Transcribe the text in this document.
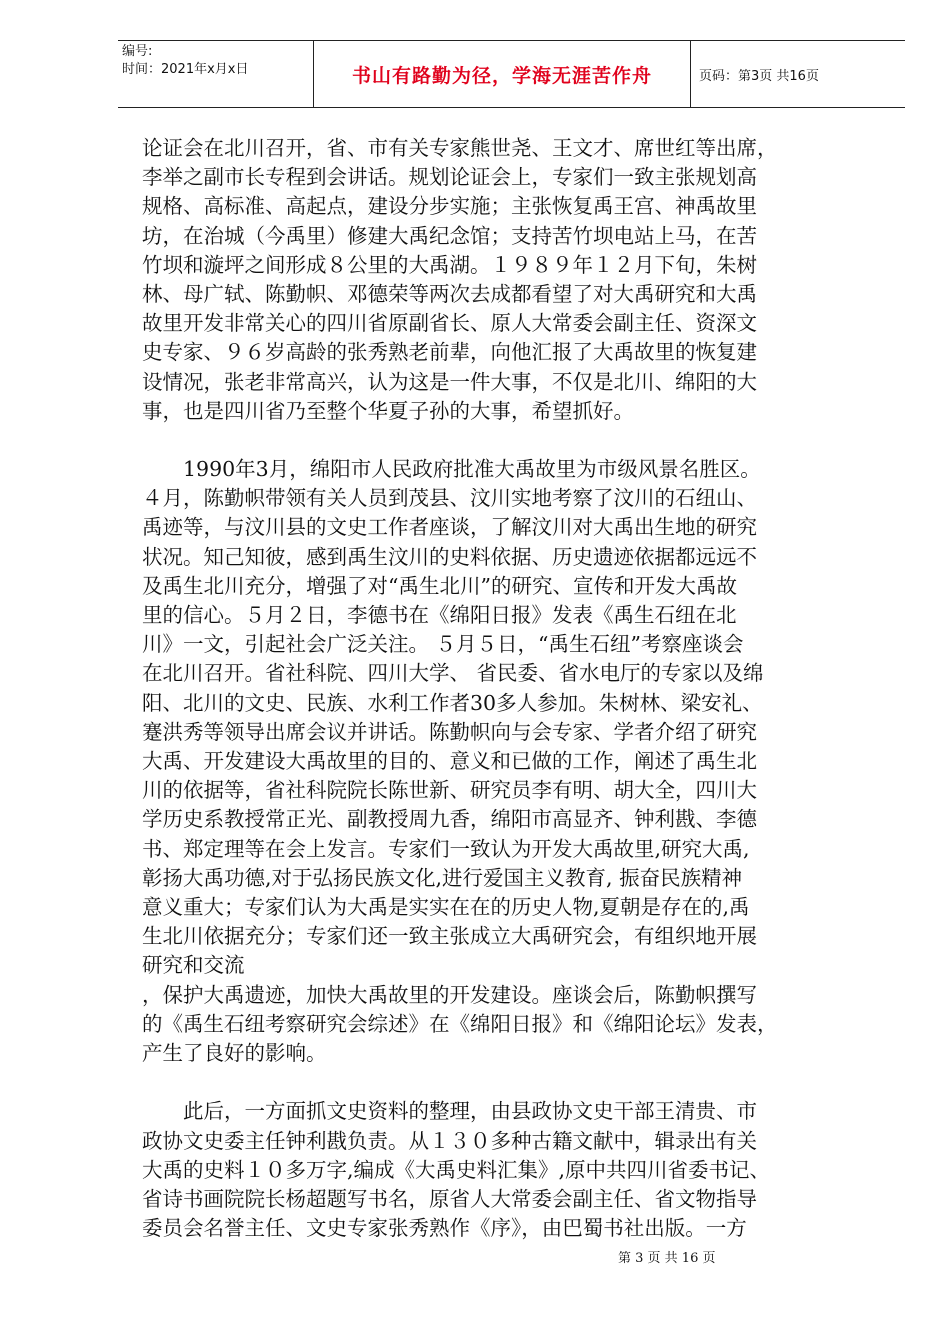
编号:
时间：2021年x月x日	书山有路勤为径，学海无涯苦作舟	页码：第3页 共16页

论证会在北川召开，省、市有关专家熊世尧、王文才、席世红等出席，
李举之副市长专程到会讲话。规划论证会上，专家们一致主张规划高
规格、高标准、高起点，建设分步实施；主张恢复禹王宫、神禹故里
坊，在治城（今禹里）修建大禹纪念馆；支持苦竹坝电站上马，在苦
竹坝和漩坪之间形成８公里的大禹湖。１９８９年１２月下旬，朱树
林、母广轼、陈勤帜、邓德荣等两次去成都看望了对大禹研究和大禹
故里开发非常关心的四川省原副省长、原人大常委会副主任、资深文
史专家、９６岁高龄的张秀熟老前辈，向他汇报了大禹故里的恢复建
设情况，张老非常高兴，认为这是一件大事，不仅是北川、绵阳的大
事，也是四川省乃至整个华夏子孙的大事，希望抓好。

　　1990年3月，绵阳市人民政府批准大禹故里为市级风景名胜区。
４月，陈勤帜带领有关人员到茂县、汶川实地考察了汶川的石纽山、
禹迹等，与汶川县的文史工作者座谈，了解汶川对大禹出生地的研究
状况。知己知彼，感到禹生汶川的史料依据、历史遗迹依据都远远不
及禹生北川充分，增强了对“禹生北川”的研究、宣传和开发大禹故
里的信心。５月２日，李德书在《绵阳日报》发表《禹生石纽在北
川》一文，引起社会广泛关注。 ５月５日，“禹生石纽”考察座谈会
在北川召开。省社科院、四川大学、 省民委、省水电厅的专家以及绵
阳、北川的文史、民族、水利工作者30多人参加。朱树林、梁安礼、
蹇洪秀等领导出席会议并讲话。陈勤帜向与会专家、学者介绍了研究
大禹、开发建设大禹故里的目的、意义和已做的工作，阐述了禹生北
川的依据等，省社科院院长陈世新、研究员李有明、胡大全，四川大
学历史系教授常正光、副教授周九香，绵阳市高显齐、钟利戡、李德
书、郑定理等在会上发言。专家们一致认为开发大禹故里,研究大禹,
彰扬大禹功德,对于弘扬民族文化,进行爱国主义教育, 振奋民族精神
意义重大；专家们认为大禹是实实在在的历史人物,夏朝是存在的,禹
生北川依据充分；专家们还一致主张成立大禹研究会，有组织地开展
研究和交流
，保护大禹遗迹，加快大禹故里的开发建设。座谈会后，陈勤帜撰写
的《禹生石纽考察研究会综述》在《绵阳日报》和《绵阳论坛》发表，
产生了良好的影响。

　　此后，一方面抓文史资料的整理，由县政协文史干部王清贵、市
政协文史委主任钟利戡负责。从１３０多种古籍文献中，辑录出有关
大禹的史料１０多万字,编成《大禹史料汇集》,原中共四川省委书记、
省诗书画院院长杨超题写书名，原省人大常委会副主任、省文物指导
委员会名誉主任、文史专家张秀熟作《序》，由巴蜀书社出版。一方

第 3 页 共 16 页
